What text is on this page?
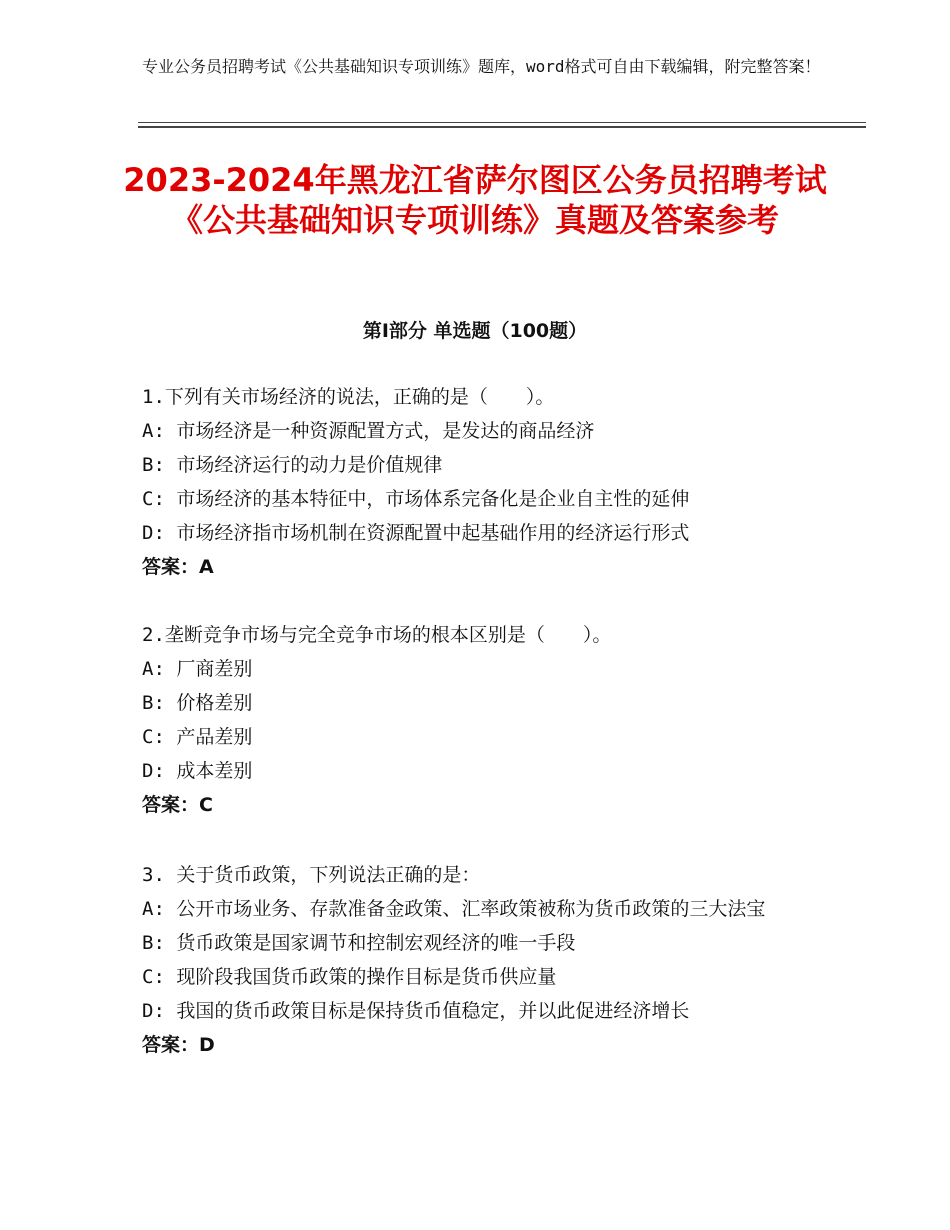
专业公务员招聘考试《公共基础知识专项训练》题库，word格式可自由下载编辑，附完整答案！
2023-2024年黑龙江省萨尔图区公务员招聘考试《公共基础知识专项训练》真题及答案参考
第Ⅰ部分 单选题（100题）
1.下列有关市场经济的说法，正确的是（　　）。
A: 市场经济是一种资源配置方式，是发达的商品经济
B: 市场经济运行的动力是价值规律
C: 市场经济的基本特征中，市场体系完备化是企业自主性的延伸
D: 市场经济指市场机制在资源配置中起基础作用的经济运行形式
答案：A
2.垄断竞争市场与完全竞争市场的根本区别是（　　）。
A: 厂商差别
B: 价格差别
C: 产品差别
D: 成本差别
答案：C
3. 关于货币政策，下列说法正确的是：
A: 公开市场业务、存款准备金政策、汇率政策被称为货币政策的三大法宝
B: 货币政策是国家调节和控制宏观经济的唯一手段
C: 现阶段我国货币政策的操作目标是货币供应量
D: 我国的货币政策目标是保持货币值稳定，并以此促进经济增长
答案：D
